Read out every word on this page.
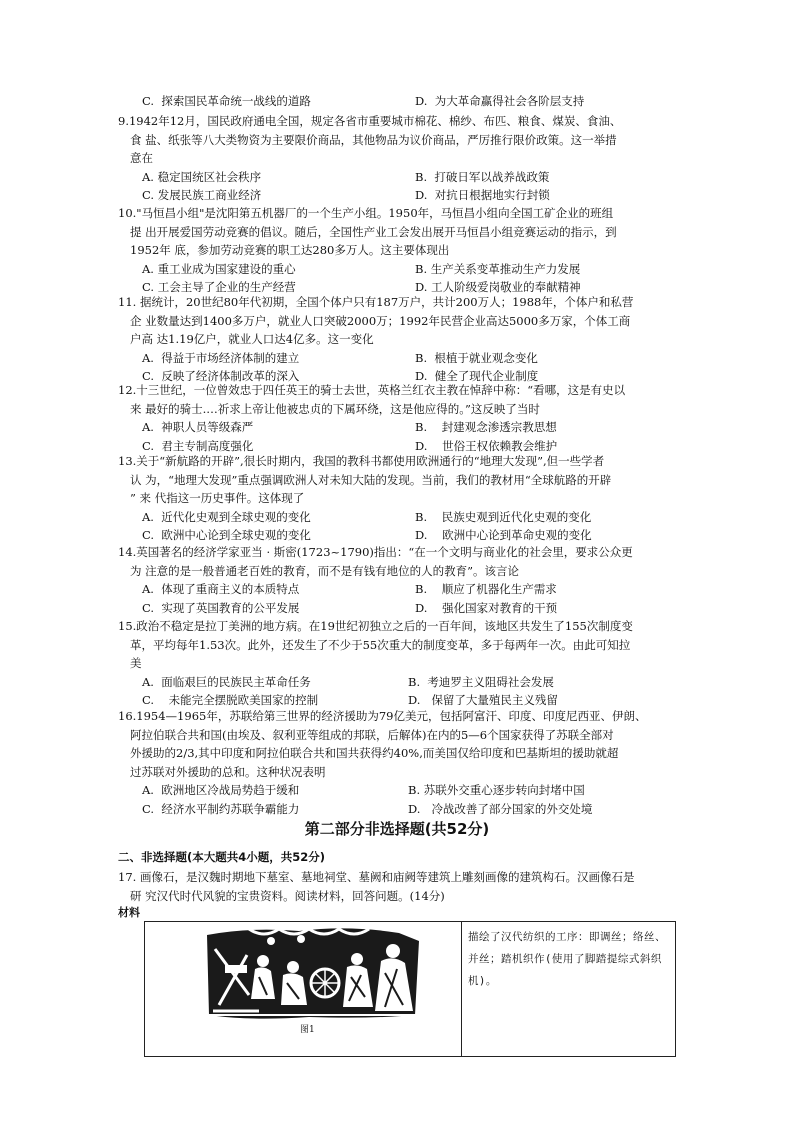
C. 探索国民革命统一战线的道路	D. 为大革命赢得社会各阶层支持

9.1942年12月，国民政府通电全国，规定各省市重要城市棉花、棉纱、布匹、粮食、煤炭、食油、
食 盐、纸张等八大类物资为主要限价商品，其他物品为议价商品，严厉推行限价政策。这一举措
意在

A. 稳定国统区社会秩序	B. 打破日军以战养战政策
C. 发展民族工商业经济	D. 对抗日根据地实行封锁

10."马恒昌小组"是沈阳第五机器厂的一个生产小组。1950年，马恒昌小组向全国工矿企业的班组
提 出开展爱国劳动竞赛的倡议。随后，全国性产业工会发出展开马恒昌小组竞赛运动的指示，到
1952年 底，参加劳动竞赛的职工达280多万人。这主要体现出

A. 重工业成为国家建设的重心	B. 生产关系变革推动生产力发展
C. 工会主导了企业的生产经营	D. 工人阶级爱岗敬业的奉献精神

11. 据统计，20世纪80年代初期，全国个体户只有187万户，共计200万人；1988年，个体户和私营
企 业数量达到1400多万户，就业人口突破2000万；1992年民营企业高达5000多万家，个体工商
户高 达1.19亿户，就业人口达4亿多。这一变化

A. 得益于市场经济体制的建立	B. 根植于就业观念变化
C. 反映了经济体制改革的深入	D. 健全了现代企业制度

12.十三世纪，一位曾效忠于四任英王的骑士去世，英格兰红衣主教在悼辞中称：“看哪，这是有史以
来 最好的骑士.…祈求上帝让他被忠贞的下属环绕，这是他应得的。”这反映了当时

A. 神职人员等级森严	B. 封建观念渗透宗教思想
C. 君主专制高度强化	D. 世俗王权依赖教会维护

13.关于“新航路的开辟”,很长时期内，我国的教科书都使用欧洲通行的“地理大发现”,但一些学者
认 为，“地理大发现”重点强调欧洲人对未知大陆的发现。当前，我们的教材用“全球航路的开辟
” 来 代指这一历史事件。这体现了

A. 近代化史观到全球史观的变化	B. 民族史观到近代化史观的变化
C. 欧洲中心论到全球史观的变化	D. 欧洲中心论到革命史观的变化

14.英国著名的经济学家亚当 · 斯密(1723~1790)指出：“在一个文明与商业化的社会里，要求公众更
为 注意的是一般普通老百姓的教育，而不是有钱有地位的人的教育”。该言论

A. 体现了重商主义的本质特点	B. 顺应了机器化生产需求
C. 实现了英国教育的公平发展	D. 强化国家对教育的干预

15.政治不稳定是拉丁美洲的地方病。在19世纪初独立之后的一百年间，该地区共发生了155次制度变
革，平均每年1.53次。此外，还发生了不少于55次重大的制度变革，多于每两年一次。由此可知拉
美

A. 面临艰巨的民族民主革命任务	B. 考迪罗主义阻碍社会发展
C. 未能完全摆脱欧美国家的控制	D. 保留了大量殖民主义残留

16.1954—1965年，苏联给第三世界的经济援助为79亿美元，包括阿富汗、印度、印度尼西亚、伊朗、
阿拉伯联合共和国(由埃及、叙利亚等组成的邦联，后解体)在内的5—6个国家获得了苏联全部对
外援助的2/3,其中印度和阿拉伯联合共和国共获得约40%,而美国仅给印度和巴基斯坦的援助就超
过苏联对外援助的总和。这种状况表明

A. 欧洲地区冷战局势趋于缓和	B. 苏联外交重心逐步转向封堵中国
C. 经济水平制约苏联争霸能力	D. 冷战改善了部分国家的外交处境
第二部分非选择题(共52分)
二、非选择题(本大题共4小题，共52分)

17. 画像石，是汉魏时期地下墓室、墓地祠堂、墓阙和庙阙等建筑上雕刻画像的建筑构石。汉画像石是
研 究汉代时代风貌的宝贵资料。阅读材料，回答问题。(14分)

材料
图1
	描绘了汉代纺织的工序：即调丝；络丝、
并丝；踏机织作(使用了脚踏提综式斜织
机)。
